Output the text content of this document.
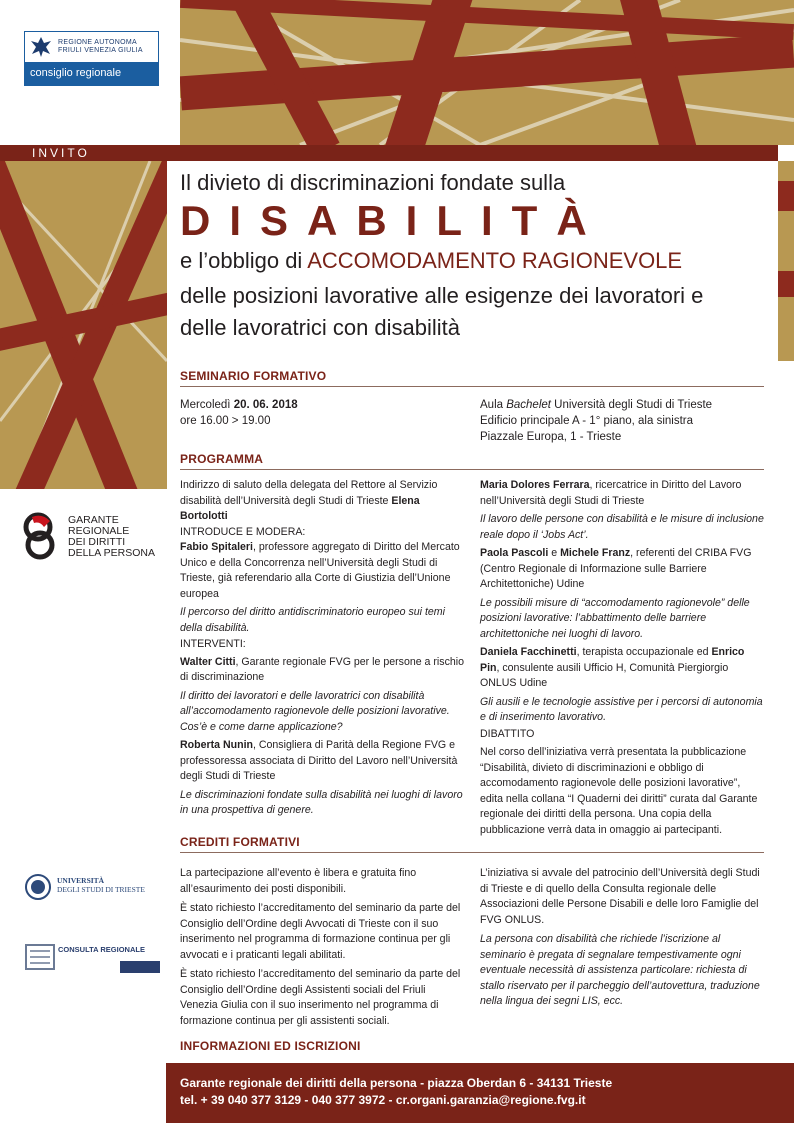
REGIONE AUTONOMA
FRIULI VENEZIA GIULIA
consiglio regionale
INVITO
Il divieto di discriminazioni fondate sulla
DISABILITÀ
e l’obbligo di ACCOMODAMENTO RAGIONEVOLE
delle posizioni lavorative alle esigenze dei lavoratori e
delle lavoratrici con disabilità
SEMINARIO FORMATIVO
Mercoledì 20. 06. 2018
ore 16.00 > 19.00
Aula Bachelet Università degli Studi di Trieste
Edificio principale A - 1° piano, ala sinistra
Piazzale Europa, 1 - Trieste
PROGRAMMA

Indirizzo di saluto della delegata del Rettore al Servizio disabilità dell’Università degli Studi di Trieste Elena Bortolotti

INTRODUCE E MODERA:

Fabio Spitaleri, professore aggregato di Diritto del Mercato Unico e della Concorrenza nell’Università degli Studi di Trieste, già referendario alla Corte di Giustizia dell’Unione europea

Il percorso del diritto antidiscriminatorio europeo sui temi della disabilità.

INTERVENTI:

Walter Citti, Garante regionale FVG per le persone a rischio di discriminazione

Il diritto dei lavoratori e delle lavoratrici con disabilità all’accomodamento ragionevole delle posizioni lavorative. Cos’è e come darne applicazione?

Roberta Nunin, Consigliera di Parità della Regione FVG e professoressa associata di Diritto del Lavoro nell’Università degli Studi di Trieste

Le discriminazioni fondate sulla disabilità nei luoghi di lavoro in una prospettiva di genere.

Maria Dolores Ferrara, ricercatrice in Diritto del Lavoro nell’Università degli Studi di Trieste

Il lavoro delle persone con disabilità e le misure di inclusione reale dopo il ‘Jobs Act’.

Paola Pascoli e Michele Franz, referenti del CRIBA FVG (Centro Regionale di Informazione sulle Barriere Architettoniche) Udine

Le possibili misure di “accomodamento ragionevole” delle posizioni lavorative: l’abbattimento delle barriere architettoniche nei luoghi di lavoro.

Daniela Facchinetti, terapista occupazionale ed Enrico Pin, consulente ausili Ufficio H, Comunità Piergiorgio ONLUS Udine

Gli ausili e le tecnologie assistive per i percorsi di autonomia e di inserimento lavorativo.

DIBATTITO

Nel corso dell’iniziativa verrà presentata la pubblicazione “Disabilità, divieto di discriminazioni e obbligo di accomodamento ragionevole delle posizioni lavorative”, edita nella collana “I Quaderni dei diritti” curata dal Garante regionale dei diritti della persona. Una copia della pubblicazione verrà data in omaggio ai partecipanti.

GARANTE
REGIONALE
DEI DIRITTI
DELLA PERSONA
CREDITI FORMATIVI

La partecipazione all’evento è libera e gratuita fino all’esaurimento dei posti disponibili.

È stato richiesto l’accreditamento del seminario da parte del Consiglio dell’Ordine degli Avvocati di Trieste con il suo inserimento nel programma di formazione continua per gli avvocati e i praticanti legali abilitati.

È stato richiesto l’accreditamento del seminario da parte del Consiglio dell’Ordine degli Assistenti sociali del Friuli Venezia Giulia con il suo inserimento nel programma di formazione continua per gli assistenti sociali.

L’iniziativa si avvale del patrocinio dell’Università degli Studi di Trieste e di quello della Consulta regionale delle Associazioni delle Persone Disabili e delle loro Famiglie del FVG ONLUS.

La persona con disabilità che richiede l’iscrizione al seminario è pregata di segnalare tempestivamente ogni eventuale necessità di assistenza particolare: richiesta di stallo riservato per il parcheggio dell’autovettura, traduzione nella lingua dei segni LIS, ecc.

UNIVERSITÀ
DEGLI STUDI DI TRIESTE
CONSULTA REGIONALE
INFORMAZIONI ED ISCRIZIONI
Garante regionale dei diritti della persona - piazza Oberdan 6 - 34131 Trieste
tel. + 39 040 377 3129 - 040 377 3972 - cr.organi.garanzia@regione.fvg.it
